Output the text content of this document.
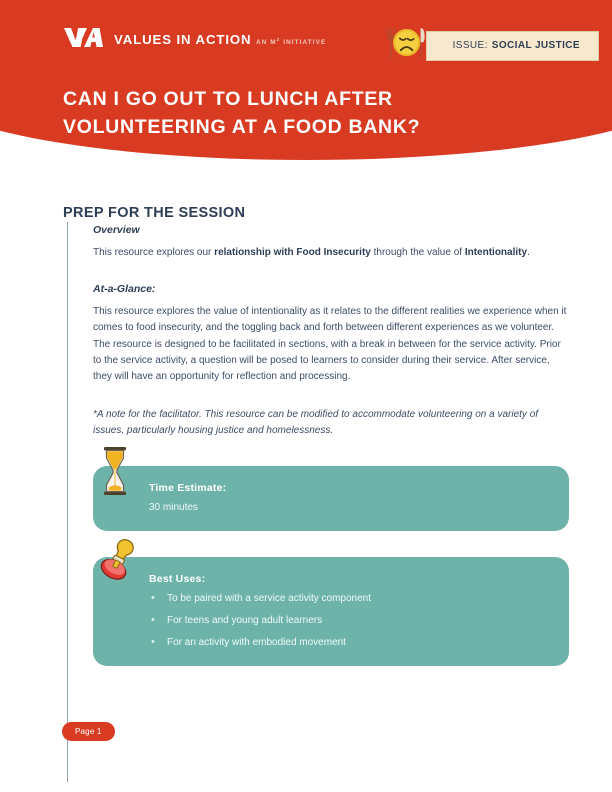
VALUES IN ACTION AN $M^2$ INITIATIVE	ISSUE: SOCIAL JUSTICE
CAN I GO OUT TO LUNCH AFTER
VOLUNTEERING AT A FOOD BANK?
PREP FOR THE SESSION

Overview

This resource explores our relationship with Food Insecurity through the value of Intentionality.

At-a-Glance:

This resource explores the value of intentionality as it relates to the different realities we experience when it comes to food insecurity, and the toggling back and forth between different experiences as we volunteer. The resource is designed to be facilitated in sections, with a break in between for the service activity. Prior to the service activity, a question will be posed to learners to consider during their service. After service, they will have an opportunity for reflection and processing.

*A note for the facilitator. This resource can be modified to accommodate volunteering on a variety of issues, particularly housing justice and homelessness.

Time Estimate:

30 minutes

Best Uses:

• To be paired with a service activity component
• For teens and young adult learners
• For an activity with embodied movement
Page 1
